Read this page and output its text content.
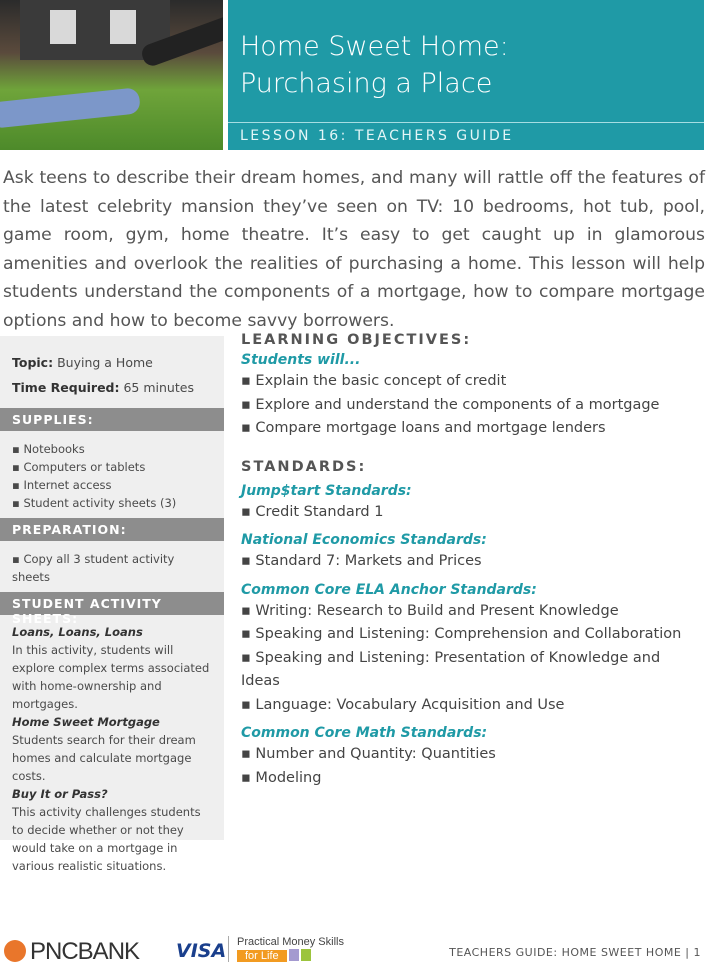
Home Sweet Home:
Purchasing a Place
LESSON 16: TEACHERS GUIDE

Ask teens to describe their dream homes, and many will rattle off the features of the latest celebrity mansion they’ve seen on TV: 10 bedrooms, hot tub, pool, game room, gym, home theatre. It’s easy to get caught up in glamorous amenities and overlook the realities of purchasing a home. This lesson will help students understand the components of a mortgage, how to compare mortgage options and how to become savvy borrowers.

Topic: Buying a Home
Time Required: 65 minutes
SUPPLIES:
▪ Notebooks
▪ Computers or tablets
▪ Internet access
▪ Student activity sheets (3)
PREPARATION:
▪ Copy all 3 student activity sheets
STUDENT ACTIVITY SHEETS:
Loans, Loans, Loans
In this activity, students will explore complex terms associated with home-ownership and mortgages.
Home Sweet Mortgage
Students search for their dream homes and calculate mortgage costs.
Buy It or Pass?
This activity challenges students to decide whether or not they would take on a mortgage in various realistic situations.
LEARNING OBJECTIVES:
Students will...
▪ Explain the basic concept of credit
▪ Explore and understand the components of a mortgage
▪ Compare mortgage loans and mortgage lenders
STANDARDS:
Jump$tart Standards:
▪ Credit Standard 1
National Economics Standards:
▪ Standard 7: Markets and Prices
Common Core ELA Anchor Standards:
▪ Writing: Research to Build and Present Knowledge
▪ Speaking and Listening: Comprehension and Collaboration
▪ Speaking and Listening: Presentation of Knowledge and Ideas
▪ Language: Vocabulary Acquisition and Use
Common Core Math Standards:
▪ Number and Quantity: Quantities
▪ Modeling
PNCBANK VISA Practical Money Skills
for Life	TEACHERS GUIDE: HOME SWEET HOME | 1
